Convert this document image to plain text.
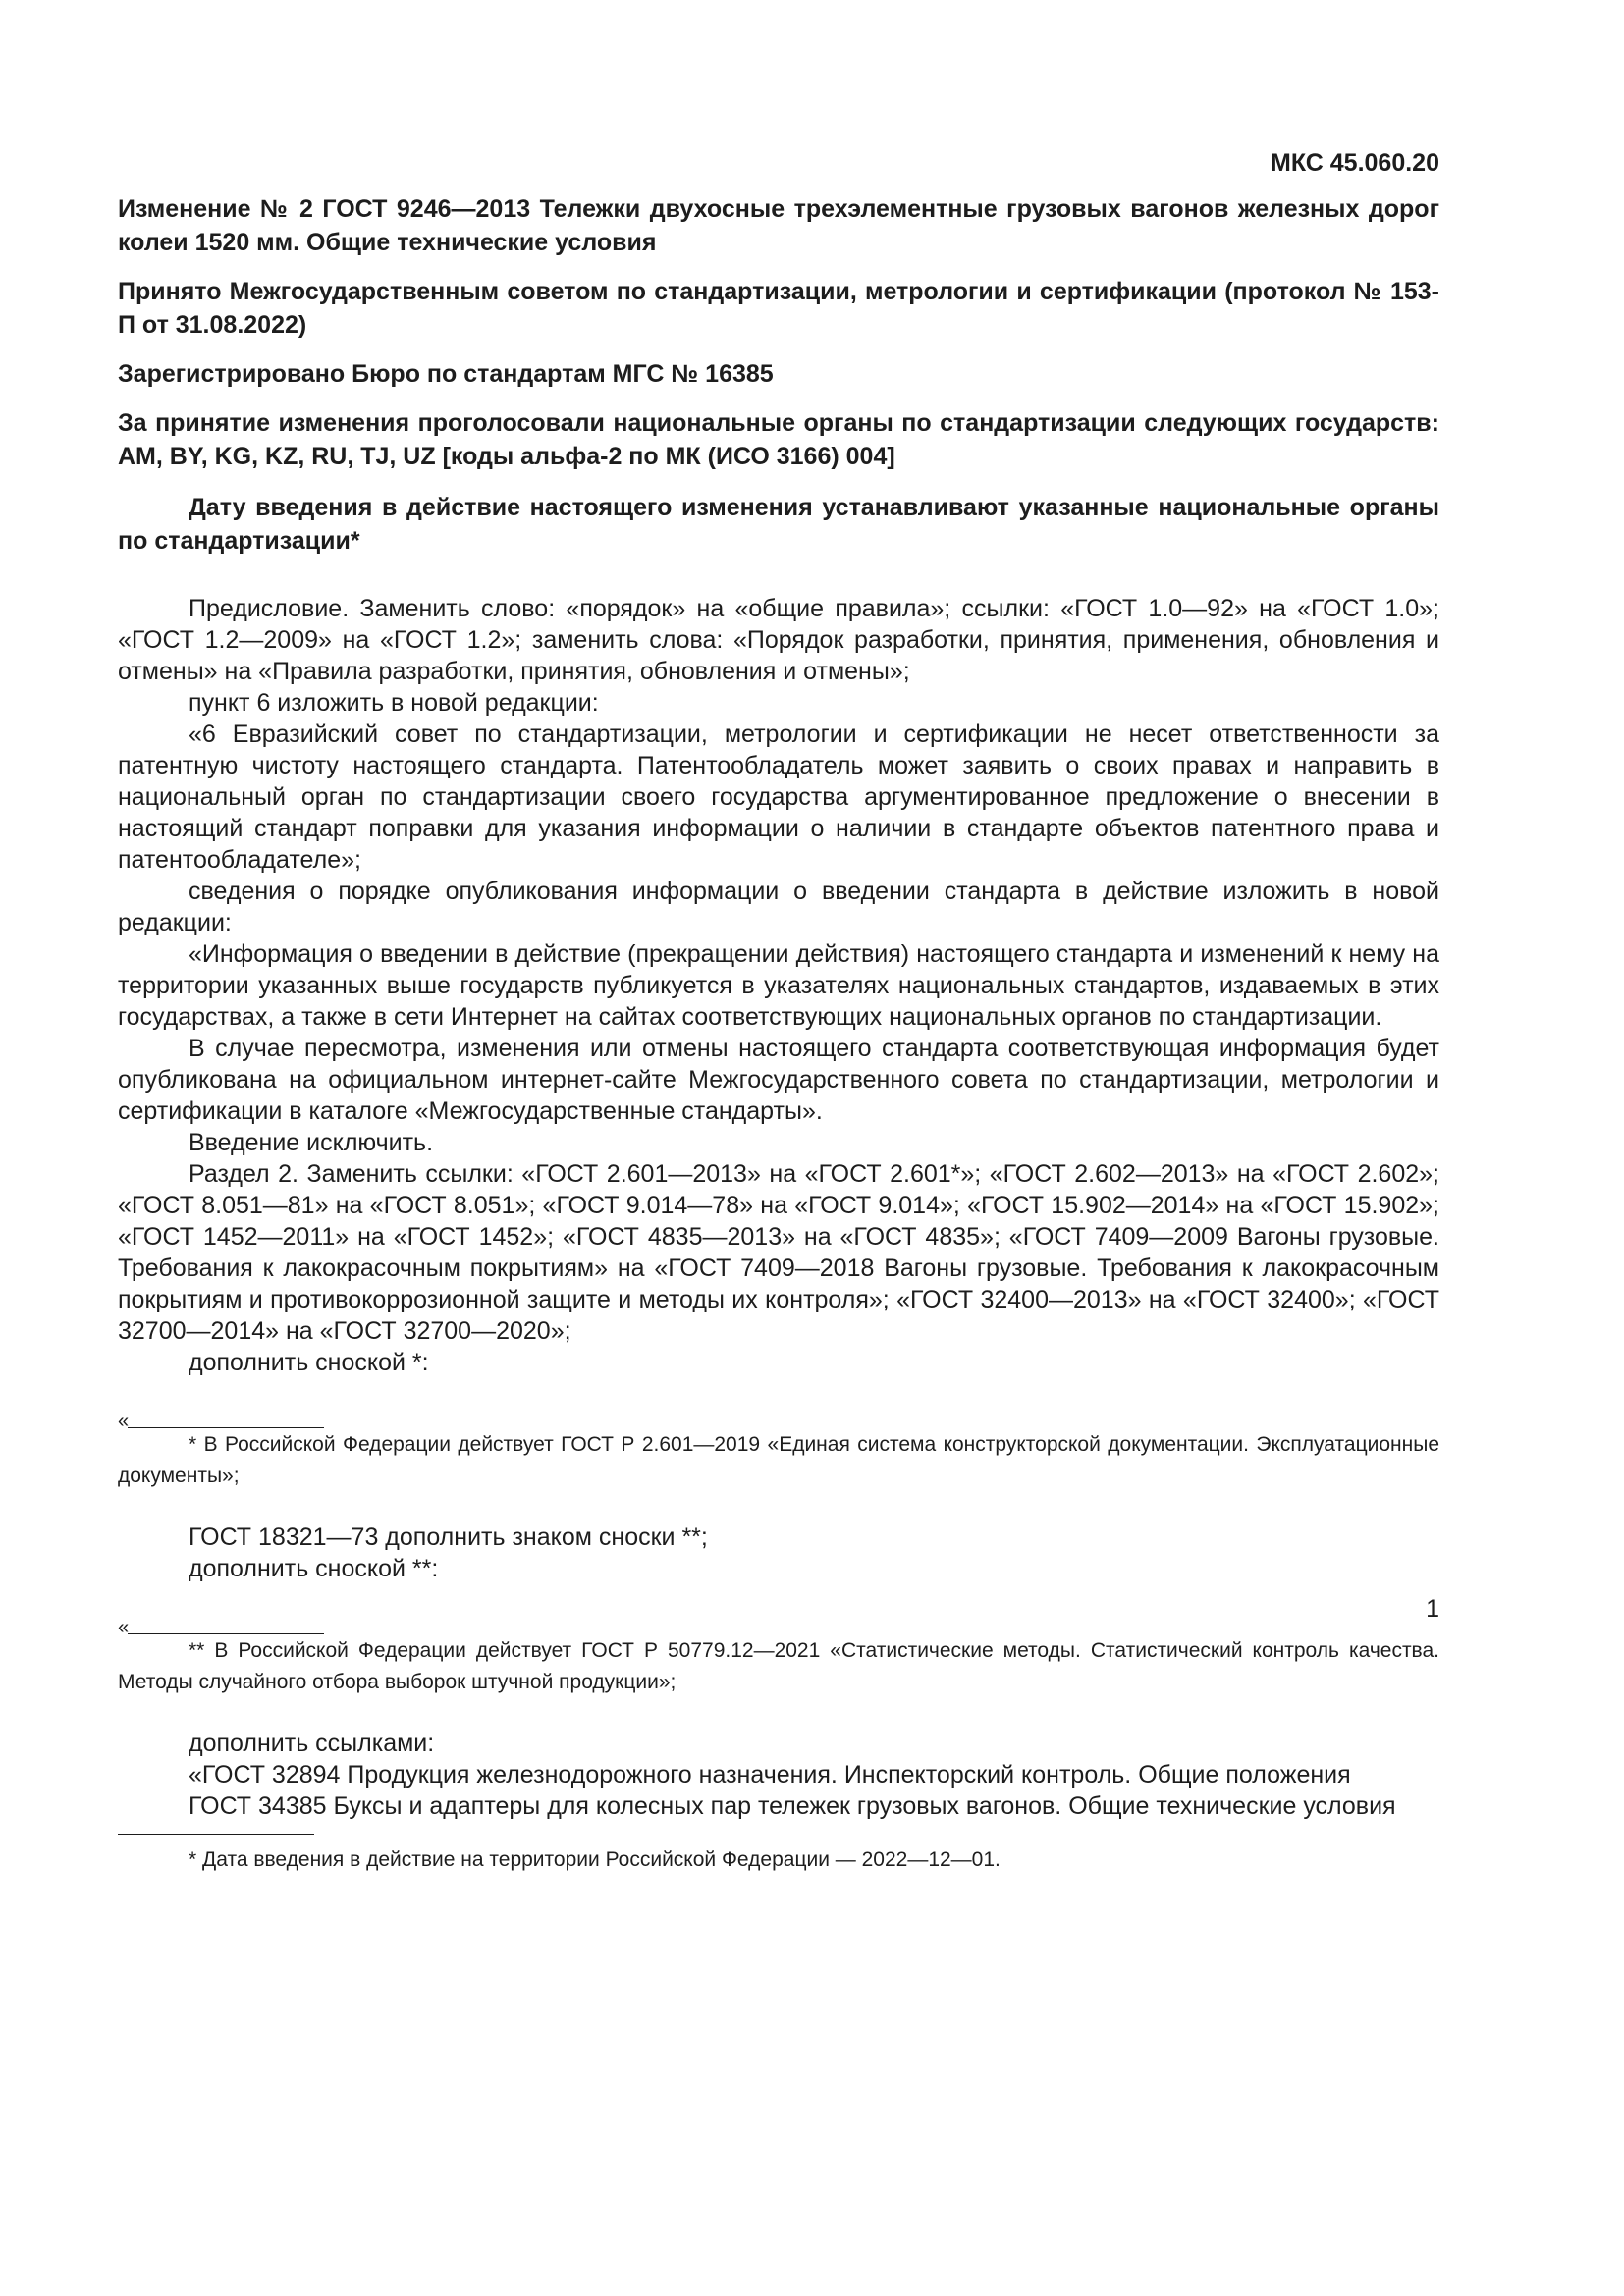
МКС 45.060.20
Изменение № 2 ГОСТ 9246—2013 Тележки двухосные трехэлементные грузовых вагонов железных дорог колеи 1520 мм. Общие технические условия
Принято Межгосударственным советом по стандартизации, метрологии и сертификации (протокол № 153-П от 31.08.2022)
Зарегистрировано Бюро по стандартам МГС № 16385
За принятие изменения проголосовали национальные органы по стандартизации следующих государств: AM, BY, KG, KZ, RU, TJ, UZ [коды альфа-2 по МК (ИСО 3166) 004]
Дату введения в действие настоящего изменения устанавливают указанные национальные органы по стандартизации*

Предисловие. Заменить слово: «порядок» на «общие правила»; ссылки: «ГОСТ 1.0—92» на «ГОСТ 1.0»; «ГОСТ 1.2—2009» на «ГОСТ 1.2»; заменить слова: «Порядок разработки, принятия, применения, обновления и отмены» на «Правила разработки, принятия, обновления и отмены»;

пункт 6 изложить в новой редакции:

«6 Евразийский совет по стандартизации, метрологии и сертификации не несет ответственности за патентную чистоту настоящего стандарта. Патентообладатель может заявить о своих правах и направить в национальный орган по стандартизации своего государства аргументированное предложение о внесении в настоящий стандарт поправки для указания информации о наличии в стандарте объектов патентного права и патентообладателе»;

сведения о порядке опубликования информации о введении стандарта в действие изложить в новой редакции:

«Информация о введении в действие (прекращении действия) настоящего стандарта и изменений к нему на территории указанных выше государств публикуется в указателях национальных стандартов, издаваемых в этих государствах, а также в сети Интернет на сайтах соответствующих национальных органов по стандартизации.

В случае пересмотра, изменения или отмены настоящего стандарта соответствующая информация будет опубликована на официальном интернет-сайте Межгосударственного совета по стандартизации, метрологии и сертификации в каталоге «Межгосударственные стандарты».

Введение исключить.

Раздел 2. Заменить ссылки: «ГОСТ 2.601—2013» на «ГОСТ 2.601*»; «ГОСТ 2.602—2013» на «ГОСТ 2.602»; «ГОСТ 8.051—81» на «ГОСТ 8.051»; «ГОСТ 9.014—78» на «ГОСТ 9.014»; «ГОСТ 15.902—2014» на «ГОСТ 15.902»; «ГОСТ 1452—2011» на «ГОСТ 1452»; «ГОСТ 4835—2013» на «ГОСТ 4835»; «ГОСТ 7409—2009 Вагоны грузовые. Требования к лакокрасочным покрытиям» на «ГОСТ 7409—2018 Вагоны грузовые. Требования к лакокрасочным покрытиям и противокоррозионной защите и методы их контроля»; «ГОСТ 32400—2013» на «ГОСТ 32400»; «ГОСТ 32700—2014» на «ГОСТ 32700—2020»;

дополнить сноской *:

«

* В Российской Федерации действует ГОСТ Р 2.601—2019 «Единая система конструкторской документации. Эксплуатационные документы»;

ГОСТ 18321—73 дополнить знаком сноски **;

дополнить сноской **:

«

** В Российской Федерации действует ГОСТ Р 50779.12—2021 «Статистические методы. Статистический контроль качества. Методы случайного отбора выборок штучной продукции»;

дополнить ссылками:

«ГОСТ 32894 Продукция железнодорожного назначения. Инспекторский контроль. Общие положения

ГОСТ 34385 Буксы и адаптеры для колесных пар тележек грузовых вагонов. Общие технические условия

* Дата введения в действие на территории Российской Федерации — 2022—12—01.

1
